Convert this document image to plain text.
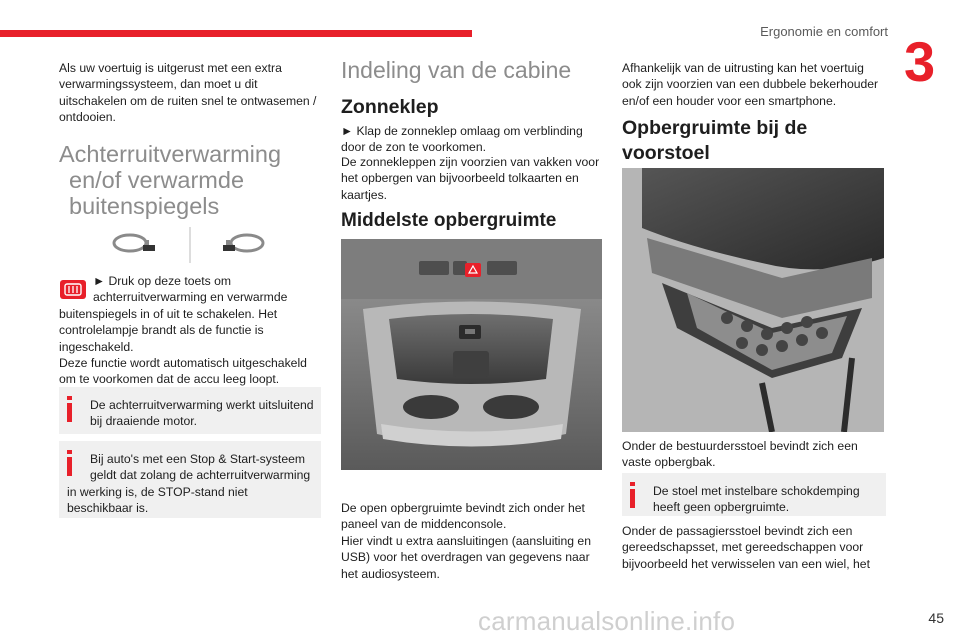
Ergonomie en comfort 3

Als uw voertuig is uitgerust met een extra verwarmingssysteem, dan moet u dit uitschakelen om de ruiten snel te ontwasemen / ontdooien.

Achterruitverwarming
en/of verwarmde
buitenspiegels

► Druk op deze toets om

achterruitverwarming en verwarmde

buitenspiegels in of uit te schakelen. Het controlelampje brandt als de functie is ingeschakeld.

Deze functie wordt automatisch uitgeschakeld om te voorkomen dat de accu leeg loopt.

De achterruitverwarming werkt uitsluitend bij draaiende motor.
Bij auto's met een Stop & Start-systeem geldt dat zolang de achterruitverwarming
in werking is, de STOP-stand niet beschikbaar is.
Indeling van de cabine
Zonneklep

► Klap de zonneklep omlaag om verblinding door de zon te voorkomen.

De zonnekleppen zijn voorzien van vakken voor het opbergen van bijvoorbeeld tolkaarten en kaartjes.

Middelste opbergruimte

De open opbergruimte bevindt zich onder het paneel van de middenconsole.

Hier vindt u extra aansluitingen (aansluiting en USB) voor het overdragen van gegevens naar het audiosysteem.

Afhankelijk van de uitrusting kan het voertuig ook zijn voorzien van een dubbele bekerhouder en/of een houder voor een smartphone.

Opbergruimte bij de voorstoel

Onder de bestuurdersstoel bevindt zich een vaste opbergbak.

De stoel met instelbare schokdemping heeft geen opbergruimte.

Onder de passagiersstoel bevindt zich een gereedschapsset, met gereedschappen voor bijvoorbeeld het verwisselen van een wiel, het

carmanualsonline.info	45
